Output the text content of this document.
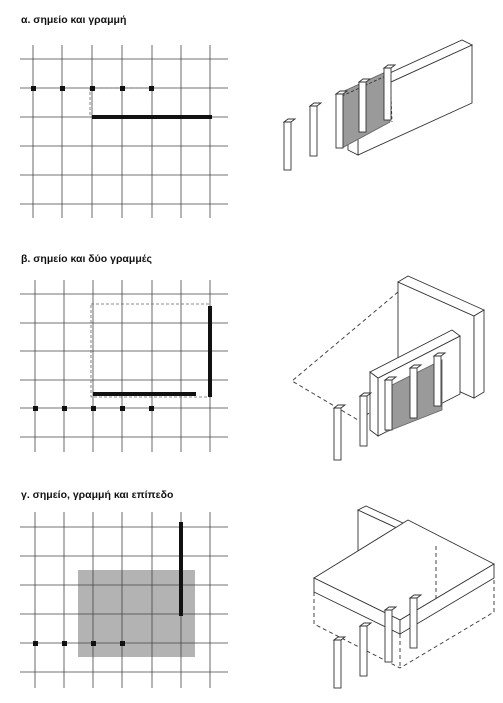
α. σημείο και γραμμή
β. σημείο και δύο γραμμές
γ. σημείο, γραμμή και επίπεδο
